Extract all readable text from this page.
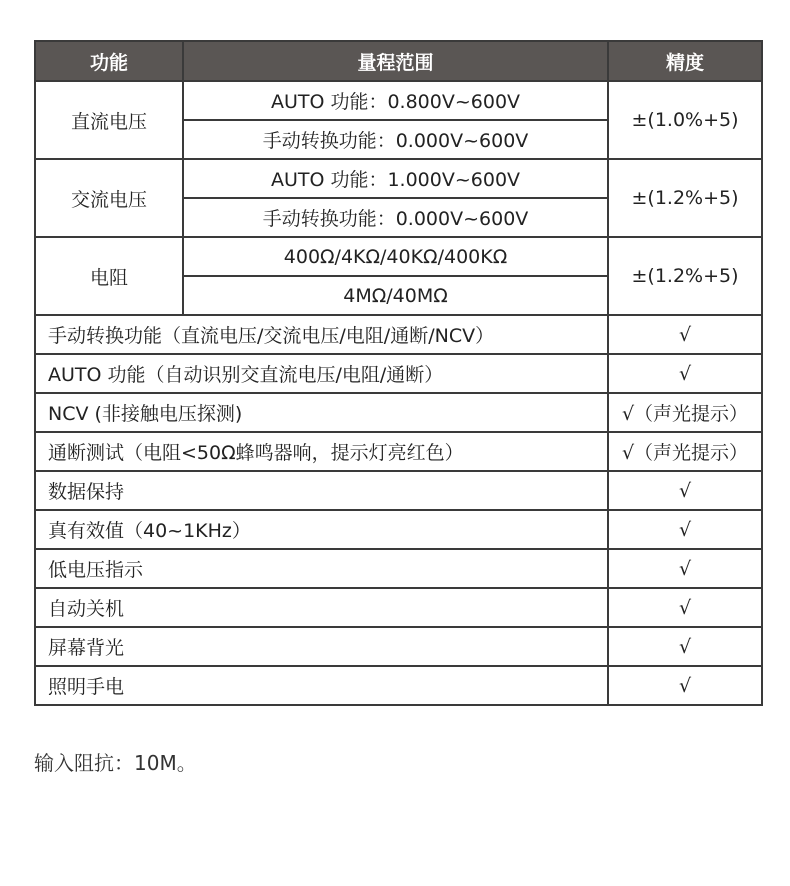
功能	量程范围	精度
直流电压	AUTO 功能：0.800V~600V	±(1.0%+5)
	手动转换功能：0.000V~600V	
交流电压	AUTO 功能：1.000V~600V	±(1.2%+5)
	手动转换功能：0.000V~600V	
电阻	400Ω/4KΩ/40KΩ/400KΩ	±(1.2%+5)
	4MΩ/40MΩ	
手动转换功能（直流电压/交流电压/电阻/通断/NCV）		√
AUTO 功能（自动识别交直流电压/电阻/通断）		√
NCV (非接触电压探测)		√（声光提示）
通断测试（电阻<50Ω蜂鸣器响，提示灯亮红色）		√（声光提示）
数据保持		√
真有效值（40~1KHz）		√
低电压指示		√
自动关机		√
屏幕背光		√
照明手电		√
输入阻抗：10M。
